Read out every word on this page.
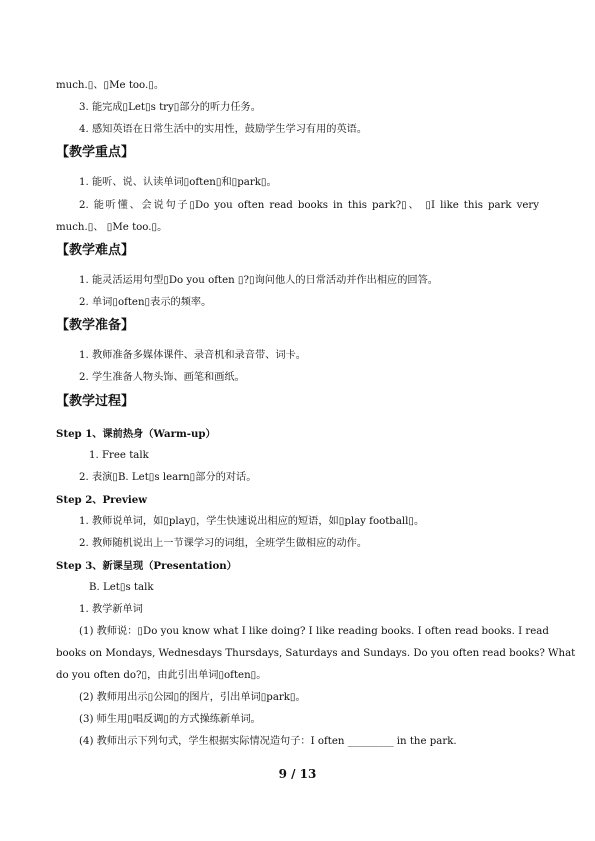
much.▯、▯Me too.▯。
3. 能完成▯Let▯s try▯部分的听力任务。
4. 感知英语在日常生活中的实用性，鼓励学生学习有用的英语。
【教学重点】
1. 能听、说、认读单词▯often▯和▯park▯。
2. 能听懂、会说句子▯Do you often read books in this park?▯、 ▯I like this park very
much.▯、 ▯Me too.▯。
【教学难点】
1. 能灵活运用句型▯Do you often ▯?▯询问他人的日常活动并作出相应的回答。
2. 单词▯often▯表示的频率。
【教学准备】
1. 教师准备多媒体课件、录音机和录音带、词卡。
2. 学生准备人物头饰、画笔和画纸。
【教学过程】
Step 1、课前热身（Warm-up）
1. Free talk
2. 表演▯B. Let▯s learn▯部分的对话。
Step 2、Preview
1. 教师说单词，如▯play▯，学生快速说出相应的短语，如▯play football▯。
2. 教师随机说出上一节课学习的词组，全班学生做相应的动作。
Step 3、新课呈现（Presentation）
B. Let▯s talk
1. 教学新单词
(1) 教师说：▯Do you know what I like doing? I like reading books. I often read books. I read
books on Mondays, Wednesdays Thursdays, Saturdays and Sundays. Do you often read books? What
do you often do?▯，由此引出单词▯often▯。
(2) 教师用出示▯公园▯的图片，引出单词▯park▯。
(3) 师生用▯唱反调▯的方式操练新单词。
(4) 教师出示下列句式，学生根据实际情况造句子：I often _________ in the park.
9 / 13
